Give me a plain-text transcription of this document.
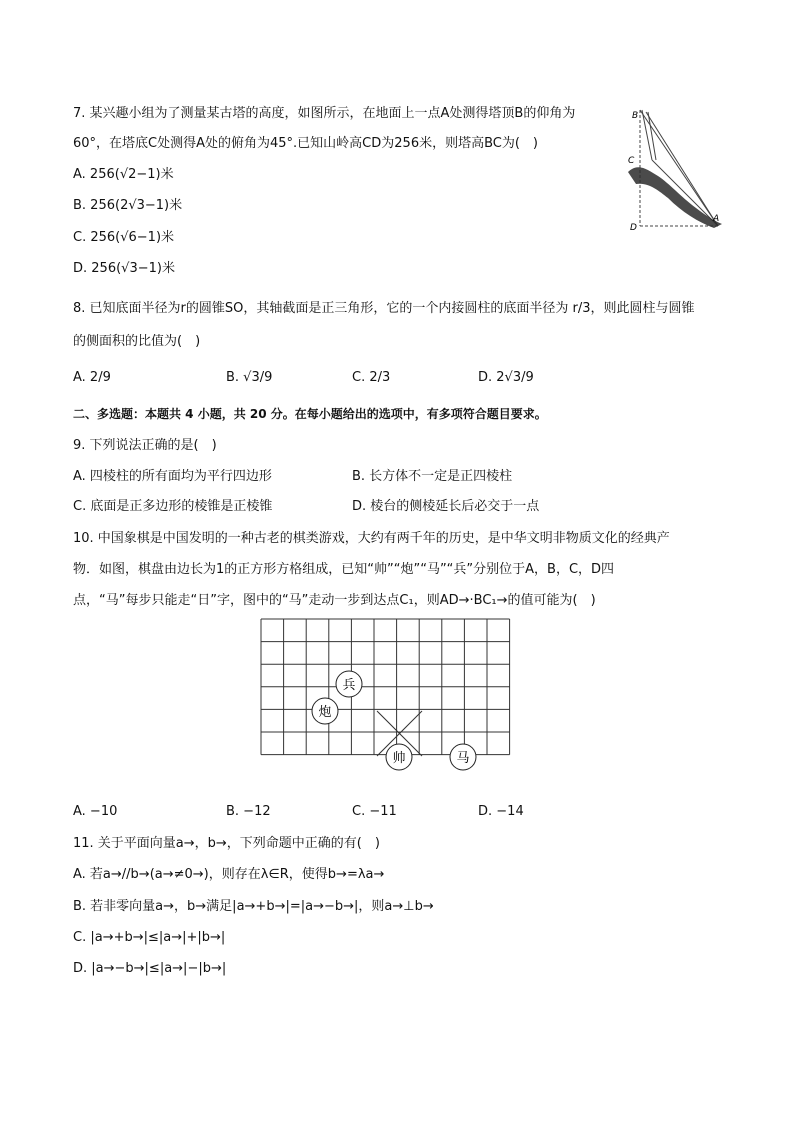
7. 某兴趣小组为了测量某古塔的高度，如图所示，在地面上一点A处测得塔顶B的仰角为
60°，在塔底C处测得A处的俯角为45°.已知山岭高CD为256米，则塔高BC为(　)
A. 256(√2−1)米
B. 256(2√3−1)米
C. 256(√6−1)米
D. 256(√3−1)米
B
C
D
A
8. 已知底面半径为r的圆锥SO，其轴截面是正三角形，它的一个内接圆柱的底面半径为 r/3，则此圆柱与圆锥
的侧面积的比值为(　)
A. 2/9	B. √3/9	C. 2/3	D. 2√3/9
二、多选题：本题共 4 小题，共 20 分。在每小题给出的选项中，有多项符合题目要求。
9. 下列说法正确的是(　)
A. 四棱柱的所有面均为平行四边形	B. 长方体不一定是正四棱柱
C. 底面是正多边形的棱锥是正棱锥	D. 棱台的侧棱延长后必交于一点
10. 中国象棋是中国发明的一种古老的棋类游戏，大约有两千年的历史，是中华文明非物质文化的经典产
物．如图，棋盘由边长为1的正方形方格组成，已知“帅”“炮”“马”“兵”分别位于A，B，C，D四
点，“马”每步只能走“日”字，图中的“马”走动一步到达点C₁，则AD→·BC₁→的值可能为(　)
兵
炮
帅	马
A. −10	B. −12	C. −11	D. −14
11. 关于平面向量a→，b→，下列命题中正确的有(　)
A. 若a→//b→(a→≠0→)，则存在λ∈R，使得b→=λa→
B. 若非零向量a→，b→满足|a→+b→|=|a→−b→|，则a→⊥b→
C. |a→+b→|≤|a→|+|b→|
D. |a→−b→|≤|a→|−|b→|
